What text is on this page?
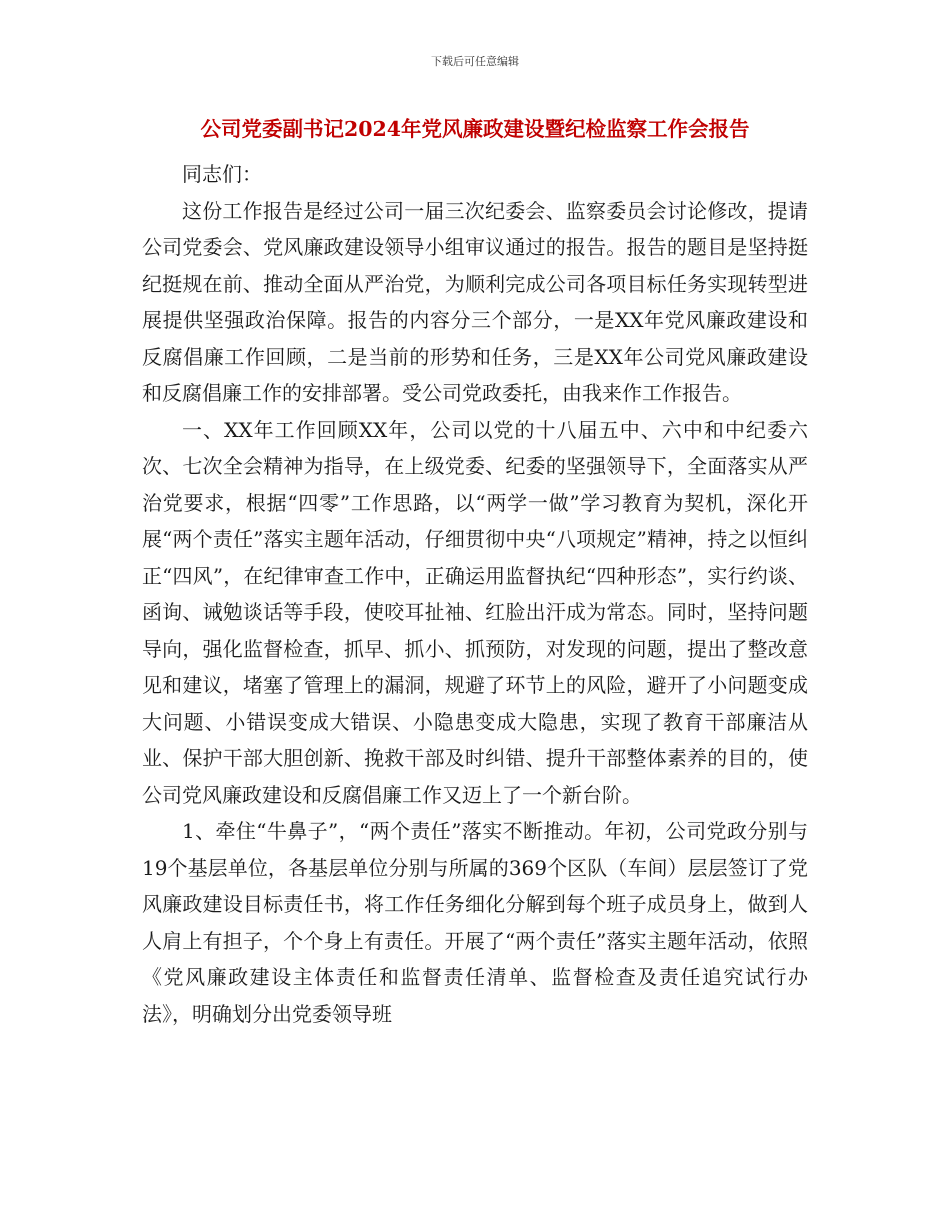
下载后可任意编辑
公司党委副书记2024年党风廉政建设暨纪检监察工作会报告

同志们：

这份工作报告是经过公司一届三次纪委会、监察委员会讨论修改，提请公司党委会、党风廉政建设领导小组审议通过的报告。报告的题目是坚持挺纪挺规在前、推动全面从严治党，为顺利完成公司各项目标任务实现转型进展提供坚强政治保障。报告的内容分三个部分，一是XX年党风廉政建设和反腐倡廉工作回顾，二是当前的形势和任务，三是XX年公司党风廉政建设和反腐倡廉工作的安排部署。受公司党政委托，由我来作工作报告。

一、XX年工作回顾XX年，公司以党的十八届五中、六中和中纪委六次、七次全会精神为指导，在上级党委、纪委的坚强领导下，全面落实从严治党要求，根据“四零”工作思路，以“两学一做”学习教育为契机，深化开展“两个责任”落实主题年活动，仔细贯彻中央“八项规定”精神，持之以恒纠正“四风”，在纪律审查工作中，正确运用监督执纪“四种形态”，实行约谈、函询、诫勉谈话等手段，使咬耳扯袖、红脸出汗成为常态。同时，坚持问题导向，强化监督检查，抓早、抓小、抓预防，对发现的问题，提出了整改意见和建议，堵塞了管理上的漏洞，规避了环节上的风险，避开了小问题变成大问题、小错误变成大错误、小隐患变成大隐患，实现了教育干部廉洁从业、保护干部大胆创新、挽救干部及时纠错、提升干部整体素养的目的，使公司党风廉政建设和反腐倡廉工作又迈上了一个新台阶。

1、牵住“牛鼻子”，“两个责任”落实不断推动。年初，公司党政分别与19个基层单位，各基层单位分别与所属的369个区队（车间）层层签订了党风廉政建设目标责任书，将工作任务细化分解到每个班子成员身上，做到人人肩上有担子，个个身上有责任。开展了“两个责任”落实主题年活动，依照《党风廉政建设主体责任和监督责任清单、监督检查及责任追究试行办法》，明确划分出党委领导班
